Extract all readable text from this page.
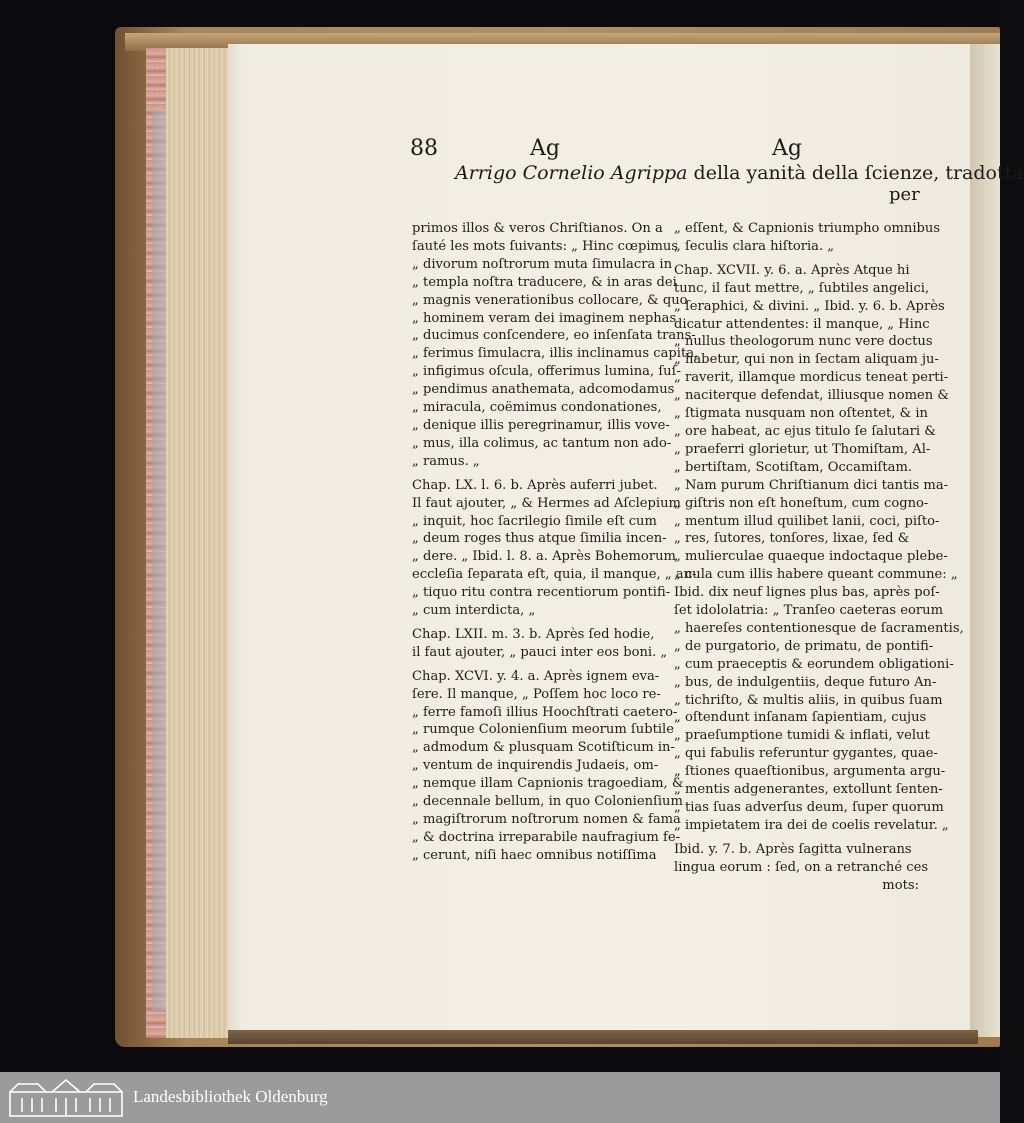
88	Ag	Ag
Arrigo Cornelio Agrippa della yanità della ſcienze, tradotta
per
primos illos & veros Chriſtianos. On a
ſauté les mots ſuivants: „ Hinc cœpimus
„ divorum noſtrorum muta ſimulacra in
„ templa noſtra traducere, & in aras dei
„ magnis venerationibus collocare, & quo
„ hominem veram dei imaginem nephas
„ ducimus conſcendere, eo inſenſata trans-
„ ferimus ſimulacra, illis inclinamus capita,
„ infigimus oſcula, offerimus lumina, ſuſ-
„ pendimus anathemata, adcomodamus
„ miracula, coëmimus condonationes,
„ denique illis peregrinamur, illis vove-
„ mus, illa colimus, ac tantum non ado-
„ ramus. „
Chap. LX. l. 6. b. Après auferri jubet.
Il faut ajouter, „ & Hermes ad Aſclepium
„ inquit, hoc ſacrilegio ſimile eſt cum
„ deum roges thus atque ſimilia incen-
„ dere. „ Ibid. l. 8. a. Après Bohemorum
eccleſia ſeparata eſt, quia, il manque, „ an-
„ tiquo ritu contra recentiorum pontifi-
„ cum interdicta, „
Chap. LXII. m. 3. b. Après ſed hodie,
il faut ajouter, „ pauci inter eos boni. „
Chap. XCVI. y. 4. a. Après ignem eva-
ſere. Il manque, „ Poſſem hoc loco re-
„ ferre famoſi illius Hoochſtrati caetero-
„ rumque Colonienſium meorum ſubtile
„ admodum & plusquam Scotiſticum in-
„ ventum de inquirendis Judaeis, om-
„ nemque illam Capnionis tragoediam, &
„ decennale bellum, in quo Colonienſium
„ magiſtrorum noſtrorum nomen & fama
„ & doctrina irreparabile naufragium fe-
„ cerunt, niſi haec omnibus notiſſima
„ eſſent, & Capnionis triumpho omnibus
„ ſeculis clara hiſtoria. „
Chap. XCVII. y. 6. a. Après Atque hi
tunc, il faut mettre, „ ſubtiles angelici,
„ ſeraphici, & divini. „ Ibid. y. 6. b. Après
dicatur attendentes: il manque, „ Hinc
„ nullus theologorum nunc vere doctus
„ habetur, qui non in ſectam aliquam ju-
„ raverit, illamque mordicus teneat perti-
„ naciterque defendat, illiusque nomen &
„ ſtigmata nusquam non oſtentet, & in
„ ore habeat, ac ejus titulo ſe ſalutari &
„ praeferri glorietur, ut Thomiſtam, Al-
„ bertiſtam, Scotiſtam, Occamiſtam.
„ Nam purum Chriſtianum dici tantis ma-
„ giſtris non eſt honeſtum, cum cogno-
„ mentum illud quilibet lanii, coci, piſto-
„ res, ſutores, tonſores, lixae, ſed &
„ mulierculae quaeque indoctaque plebe-
„ cula cum illis habere queant commune: „
Ibid. dix neuf lignes plus bas, après poſ-
ſet idololatria: „ Tranſeo caeteras eorum
„ haereſes contentionesque de ſacramentis,
„ de purgatorio, de primatu, de pontifi-
„ cum praeceptis & eorundem obligationi-
„ bus, de indulgentiis, deque futuro An-
„ tichriſto, & multis aliis, in quibus ſuam
„ oſtendunt inſanam ſapientiam, cujus
„ praeſumptione tumidi & inflati, velut
„ qui fabulis referuntur gygantes, quae-
„ ſtiones quaeſtionibus, argumenta argu-
„ mentis adgenerantes, extollunt ſenten-
„ tias ſuas adverſus deum, ſuper quorum
„ impietatem ira dei de coelis revelatur. „
Ibid. y. 7. b. Après ſagitta vulnerans
lingua eorum : ſed, on a retranché ces
mots:
Landesbibliothek Oldenburg
